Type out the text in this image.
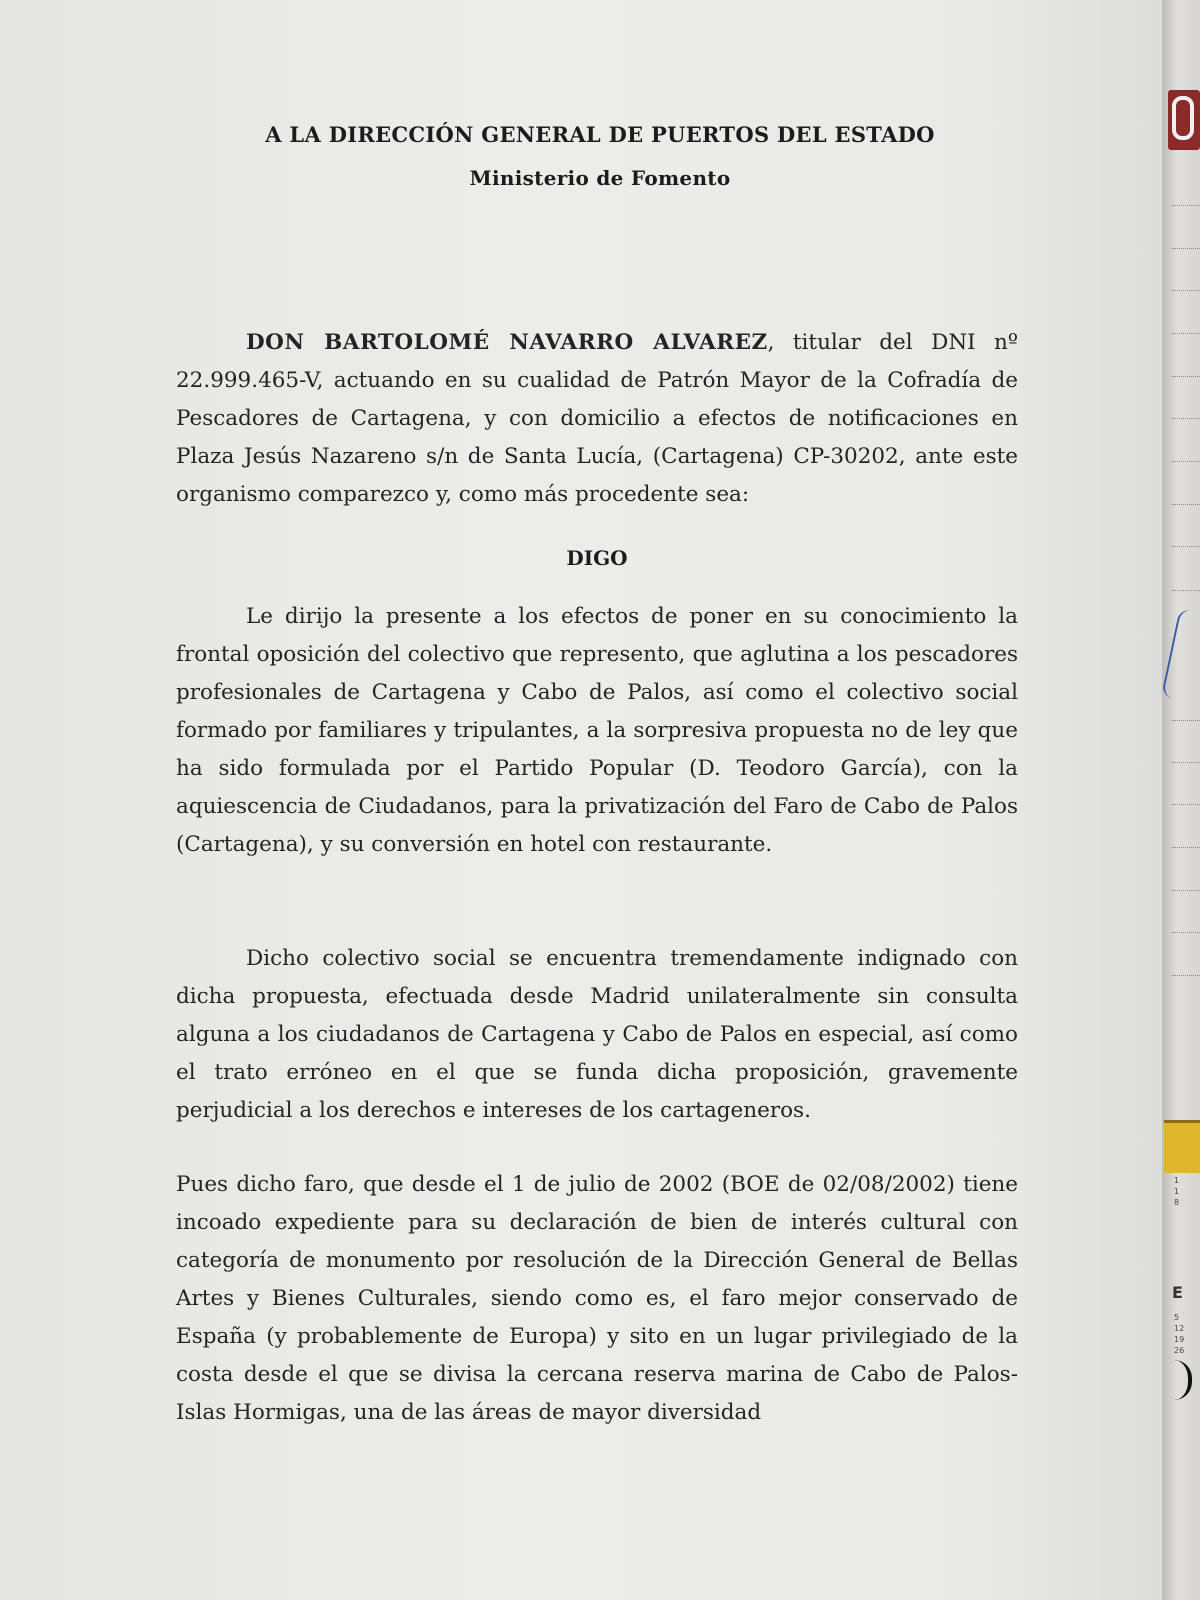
A LA DIRECCIÓN GENERAL DE PUERTOS DEL ESTADO
Ministerio de Fomento
DON BARTOLOMÉ NAVARRO ALVAREZ, titular del DNI nº 22.999.465-V, actuando en su cualidad de Patrón Mayor de la Cofradía de Pescadores de Cartagena, y con domicilio a efectos de notificaciones en Plaza Jesús Nazareno s/n de Santa Lucía, (Cartagena) CP-30202, ante este organismo comparezco y, como más procedente sea:
DIGO
Le dirijo la presente a los efectos de poner en su conocimiento la frontal oposición del colectivo que represento, que aglutina a los pescadores profesionales de Cartagena y Cabo de Palos, así como el colectivo social formado por familiares y tripulantes, a la sorpresiva propuesta no de ley que ha sido formulada por el Partido Popular (D. Teodoro García), con la aquiescencia de Ciudadanos, para la privatización del Faro de Cabo de Palos (Cartagena), y su conversión en hotel con restaurante.
Dicho colectivo social se encuentra tremendamente indignado con dicha propuesta, efectuada desde Madrid unilateralmente sin consulta alguna a los ciudadanos de Cartagena y Cabo de Palos en especial, así como el trato erróneo en el que se funda dicha proposición, gravemente perjudicial a los derechos e intereses de los cartageneros.
Pues dicho faro, que desde el 1 de julio de 2002 (BOE de 02/08/2002) tiene incoado expediente para su declaración de bien de interés cultural con categoría de monumento por resolución de la Dirección General de Bellas Artes y Bienes Culturales, siendo como es, el faro mejor conservado de España (y probablemente de Europa) y sito en un lugar privilegiado de la costa desde el que se divisa la cercana reserva marina de Cabo de Palos-Islas Hormigas, una de las áreas de mayor diversidad
1
1
8
E
5
12
19
26
